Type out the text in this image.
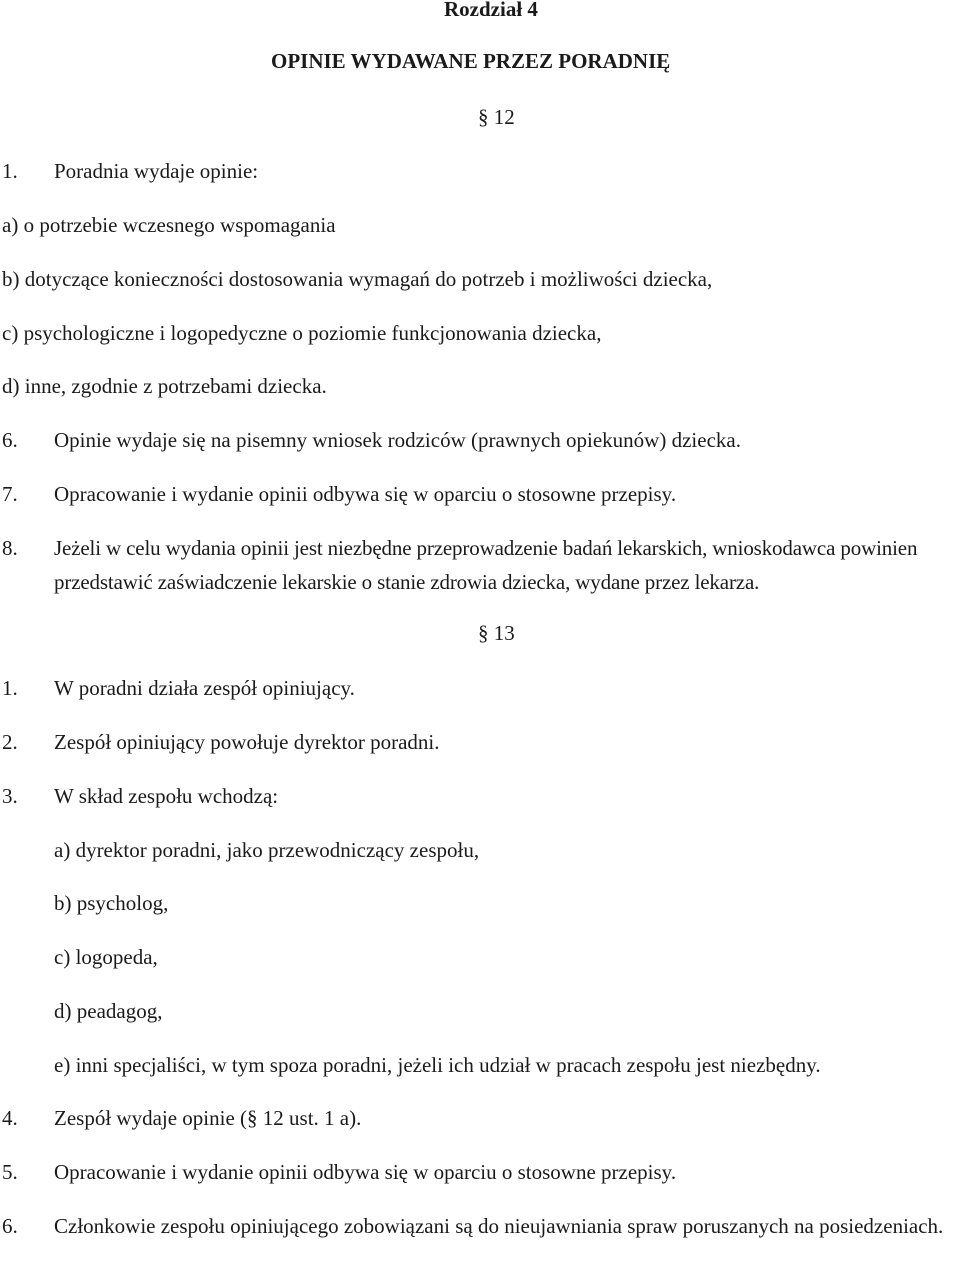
Rozdział 4
OPINIE WYDAWANE PRZEZ PORADNIĘ
§ 12
1. Poradnia wydaje opinie:
a) o potrzebie wczesnego wspomagania
b) dotyczące konieczności dostosowania wymagań do potrzeb i możliwości dziecka,
c) psychologiczne i logopedyczne o poziomie funkcjonowania dziecka,
d) inne, zgodnie z potrzebami dziecka.
6. Opinie wydaje się na pisemny wniosek rodziców (prawnych opiekunów) dziecka.
7. Opracowanie i wydanie opinii odbywa się w oparciu o stosowne przepisy.
8. Jeżeli w celu wydania opinii jest niezbędne przeprowadzenie badań lekarskich, wnioskodawca powinien przedstawić zaświadczenie lekarskie o stanie zdrowia dziecka, wydane przez lekarza.
§ 13
1. W poradni działa zespół opiniujący.
2. Zespół opiniujący powołuje dyrektor poradni.
3. W skład zespołu wchodzą:
a) dyrektor poradni, jako przewodniczący zespołu,
b) psycholog,
c) logopeda,
d) peadagog,
e) inni specjaliści, w tym spoza poradni, jeżeli ich udział w pracach zespołu jest niezbędny.
4. Zespół wydaje opinie (§ 12 ust. 1 a).
5. Opracowanie i wydanie opinii odbywa się w oparciu o stosowne przepisy.
6. Członkowie zespołu opiniującego zobowiązani są do nieujawniania spraw poruszanych na posiedzeniach.
